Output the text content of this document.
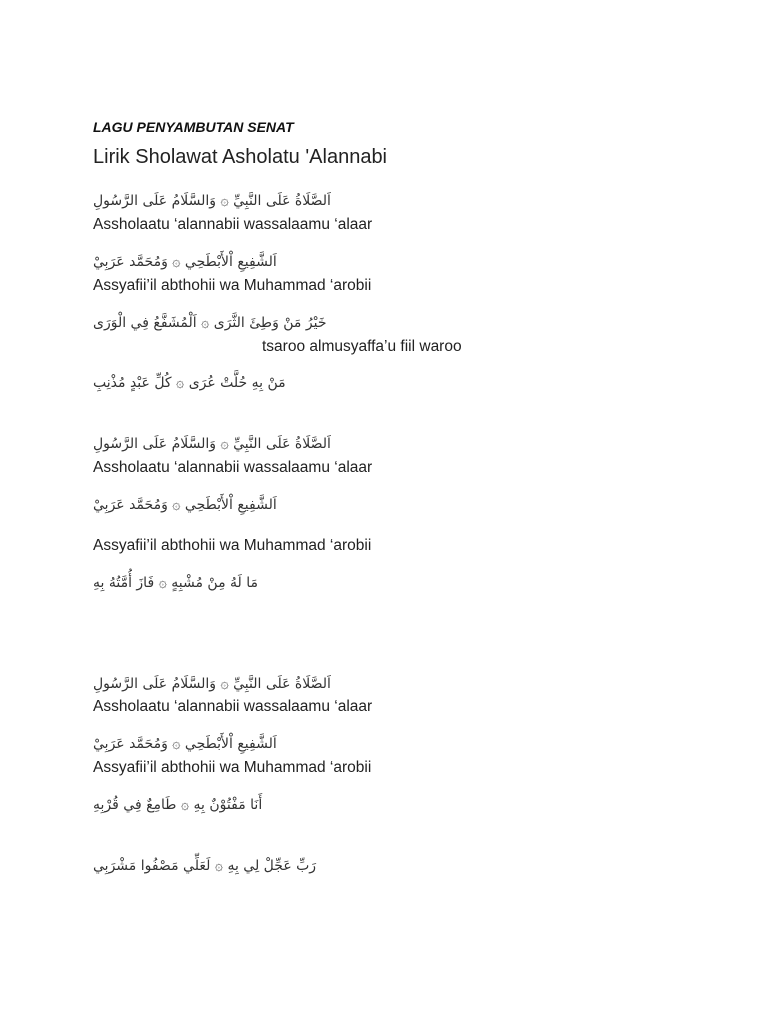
LAGU PENYAMBUTAN SENAT
Lirik Sholawat Asholatu 'Alannabi
اَلصَّلَاةُ عَلَى النَّبِيِّ ۞ وَالسَّلَامُ عَلَى الرَّسُولِ
Assholaatu ‘alannabii wassalaamu ‘alaar
اَلشَّفِيعِ اْلأَبْطَحِي ۞ وَمُحَمَّد عَرَبِيْ
Assyafii’il abthohii wa Muhammad ‘arobii
خَيْرُ مَنْ وَطِئَ الثَّرَى ۞ اَلْمُشَفَّعُ فِي الْوَرَى
tsaroo almusyaffa’u fiil waroo
مَنْ بِهِ حُلَّتْ عُرَى ۞ كُلِّ عَبْدٍ مُذْنِبِ
اَلصَّلَاةُ عَلَى النَّبِيِّ ۞ وَالسَّلَامُ عَلَى الرَّسُولِ
Assholaatu ‘alannabii wassalaamu ‘alaar
اَلشَّفِيعِ اْلأَبْطَحِي ۞ وَمُحَمَّد عَرَبِيْ
Assyafii’il abthohii wa Muhammad ‘arobii
مَا لَهُ مِنْ مُشْبِهٍ ۞ فَازَ أُمَّتُهُ بِهِ
اَلصَّلَاةُ عَلَى النَّبِيِّ ۞ وَالسَّلَامُ عَلَى الرَّسُولِ
Assholaatu ‘alannabii wassalaamu ‘alaar
اَلشَّفِيعِ اْلأَبْطَحِي ۞ وَمُحَمَّد عَرَبِيْ
Assyafii’il abthohii wa Muhammad ‘arobii
أَنَا مَفْتُوْنٌ بِهِ ۞ طَامِعٌ فِي قُرْبِهِ
رَبِّ عَجِّلْ لِي بِهِ ۞ لَعَلِّي مَصْفُوا مَشْرَبِي
